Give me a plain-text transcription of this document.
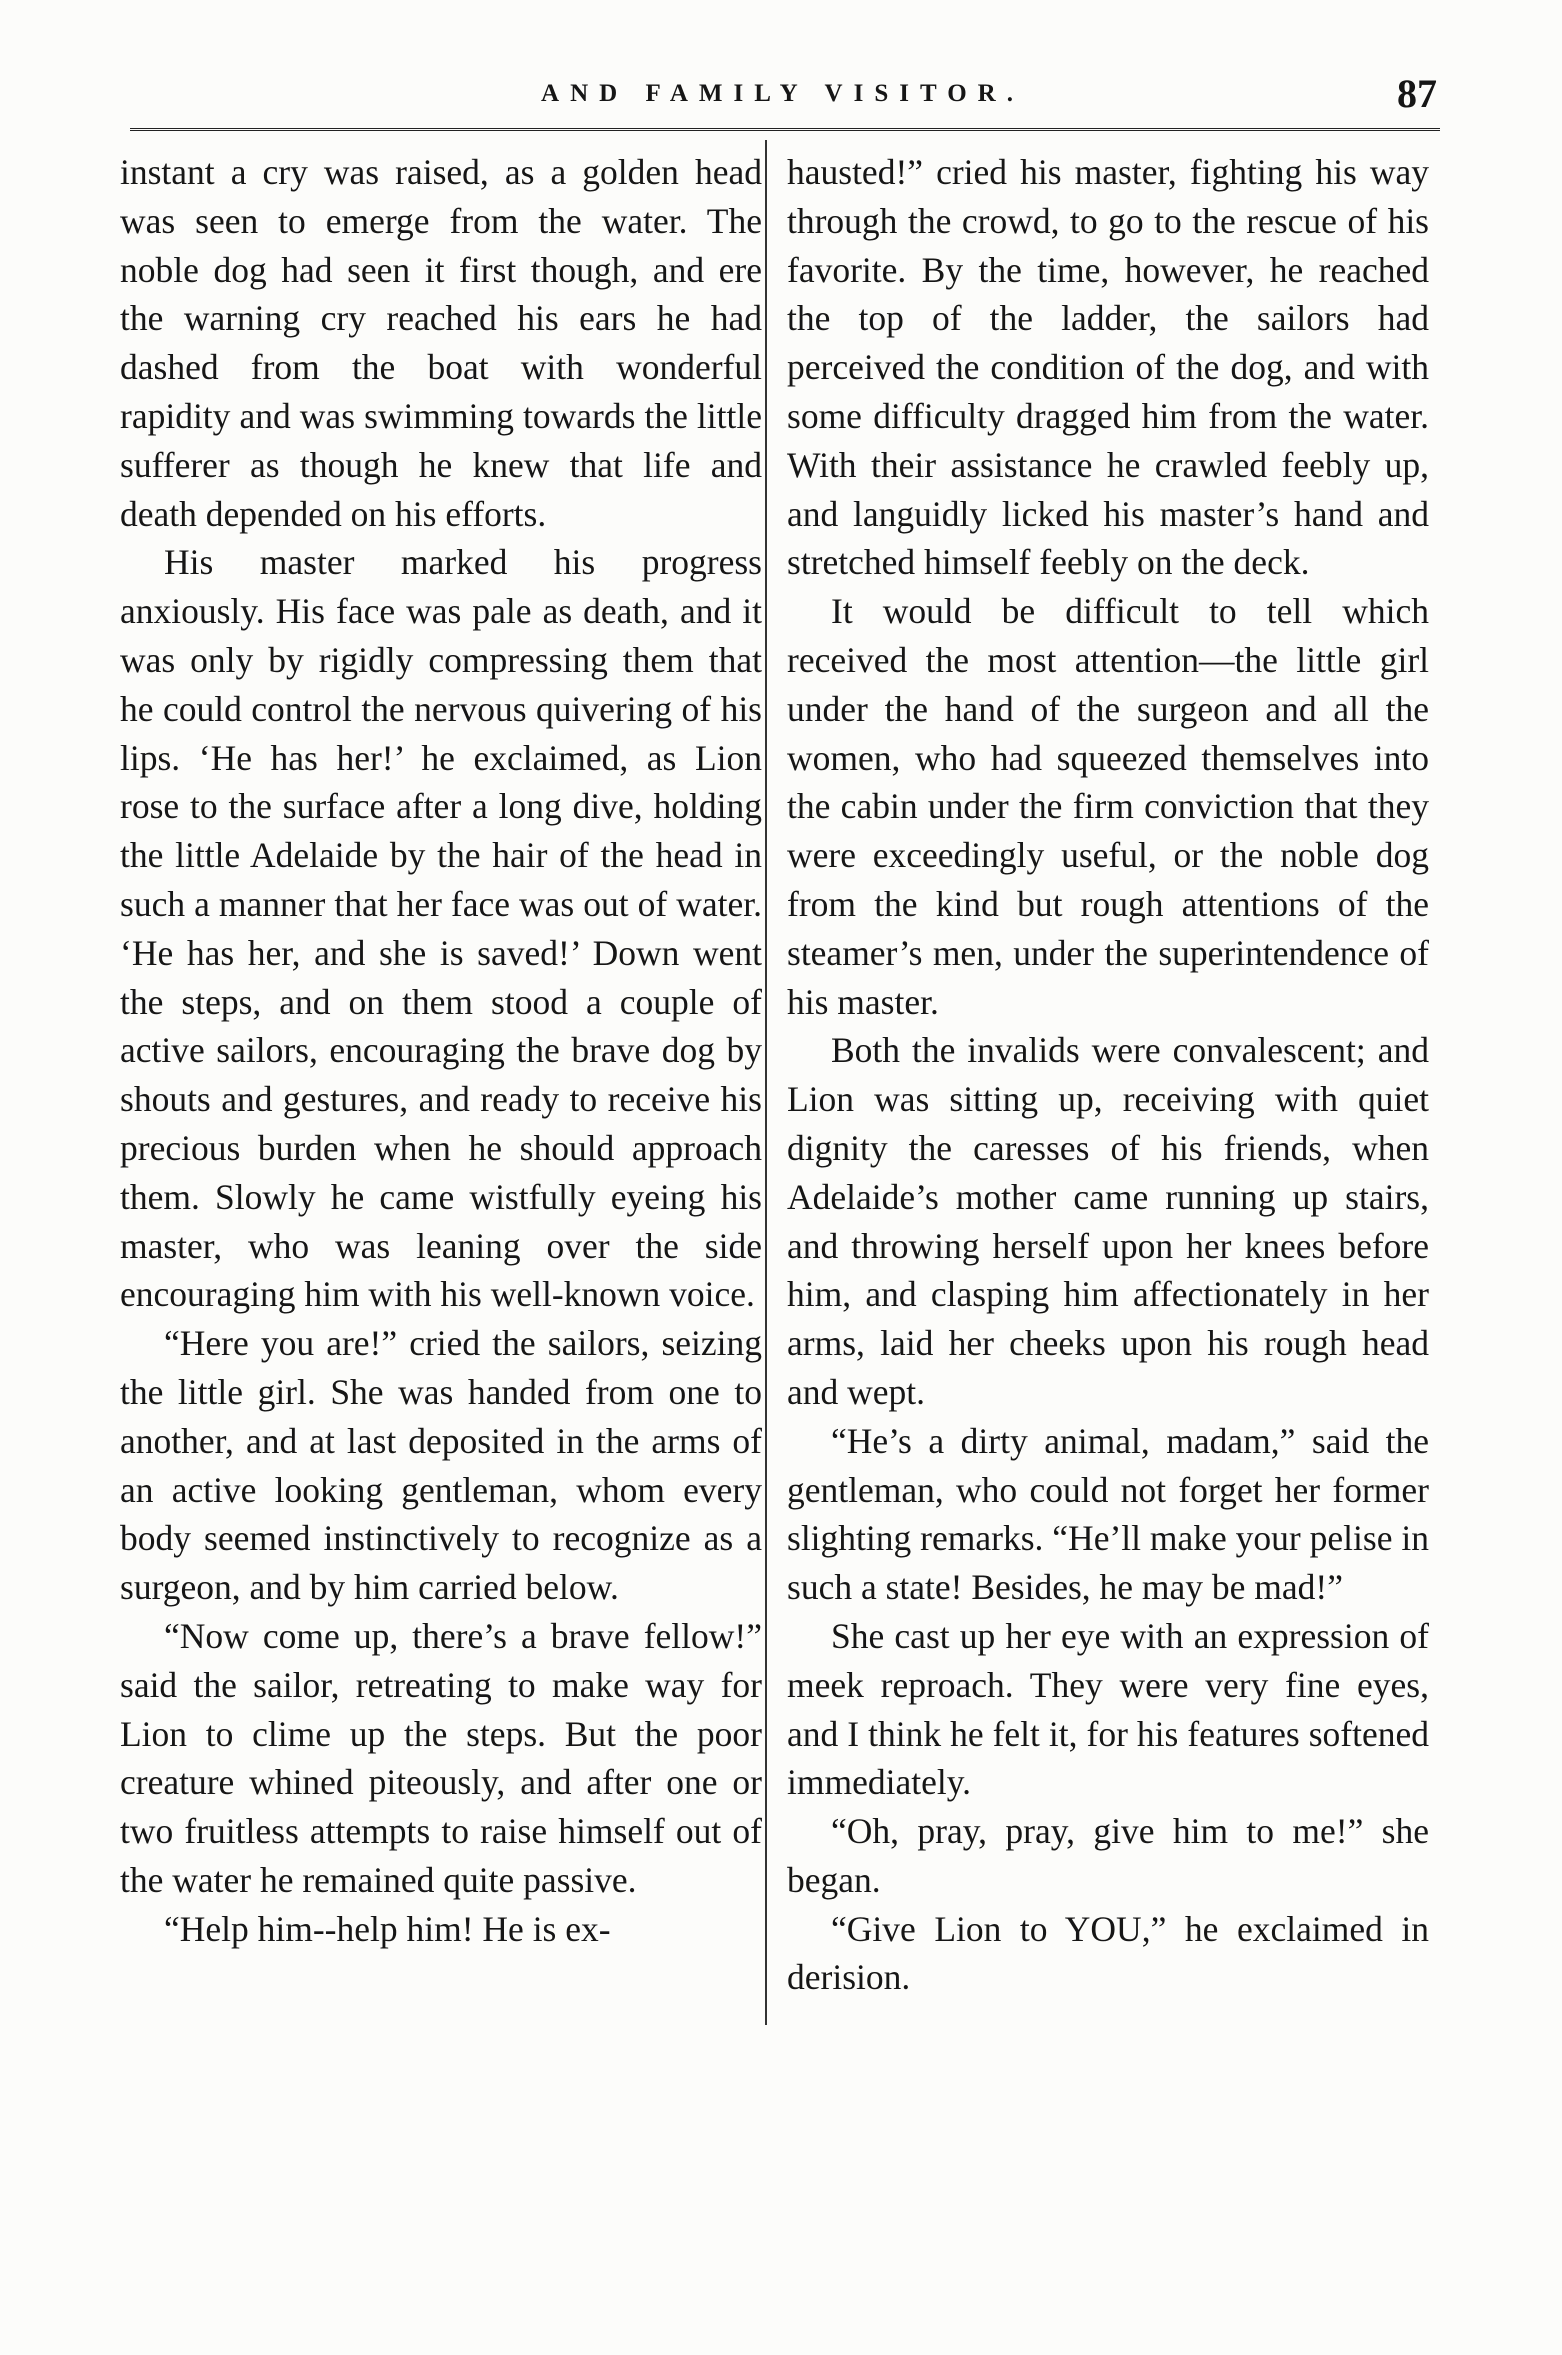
AND FAMILY VISITOR.	87

instant a cry was raised, as a golden head was seen to emerge from the water. The noble dog had seen it first though, and ere the warning cry reached his ears he had dashed from the boat with wonderful rapidity and was swimming towards the little sufferer as though he knew that life and death depended on his efforts.

His master marked his progress anxiously. His face was pale as death, and it was only by rigidly compressing them that he could control the nervous quivering of his lips. ‘He has her!’ he exclaimed, as Lion rose to the surface after a long dive, holding the little Adelaide by the hair of the head in such a manner that her face was out of water. ‘He has her, and she is saved!’ Down went the steps, and on them stood a couple of active sailors, encouraging the brave dog by shouts and gestures, and ready to receive his precious burden when he should approach them. Slowly he came wistfully eyeing his master, who was leaning over the side encouraging him with his well-known voice.

“Here you are!” cried the sailors, seizing the little girl. She was handed from one to another, and at last deposited in the arms of an active looking gentleman, whom every body seemed instinctively to recognize as a surgeon, and by him carried below.

“Now come up, there’s a brave fellow!” said the sailor, retreating to make way for Lion to clime up the steps. But the poor creature whined piteously, and after one or two fruitless attempts to raise himself out of the water he remained quite passive.

“Help him--help him! He is ex-

hausted!” cried his master, fighting his way through the crowd, to go to the rescue of his favorite. By the time, however, he reached the top of the ladder, the sailors had perceived the condition of the dog, and with some difficulty dragged him from the water. With their assistance he crawled feebly up, and languidly licked his master’s hand and stretched himself feebly on the deck.

It would be difficult to tell which received the most attention—the little girl under the hand of the surgeon and all the women, who had squeezed themselves into the cabin under the firm conviction that they were exceedingly useful, or the noble dog from the kind but rough attentions of the steamer’s men, under the superintendence of his master.

Both the invalids were convalescent; and Lion was sitting up, receiving with quiet dignity the caresses of his friends, when Adelaide’s mother came running up stairs, and throwing herself upon her knees before him, and clasping him affectionately in her arms, laid her cheeks upon his rough head and wept.

“He’s a dirty animal, madam,” said the gentleman, who could not forget her former slighting remarks. “He’ll make your pelise in such a state! Besides, he may be mad!”

She cast up her eye with an expression of meek reproach. They were very fine eyes, and I think he felt it, for his features softened immediately.

“Oh, pray, pray, give him to me!” she began.

“Give Lion to YOU,” he exclaimed in derision.
